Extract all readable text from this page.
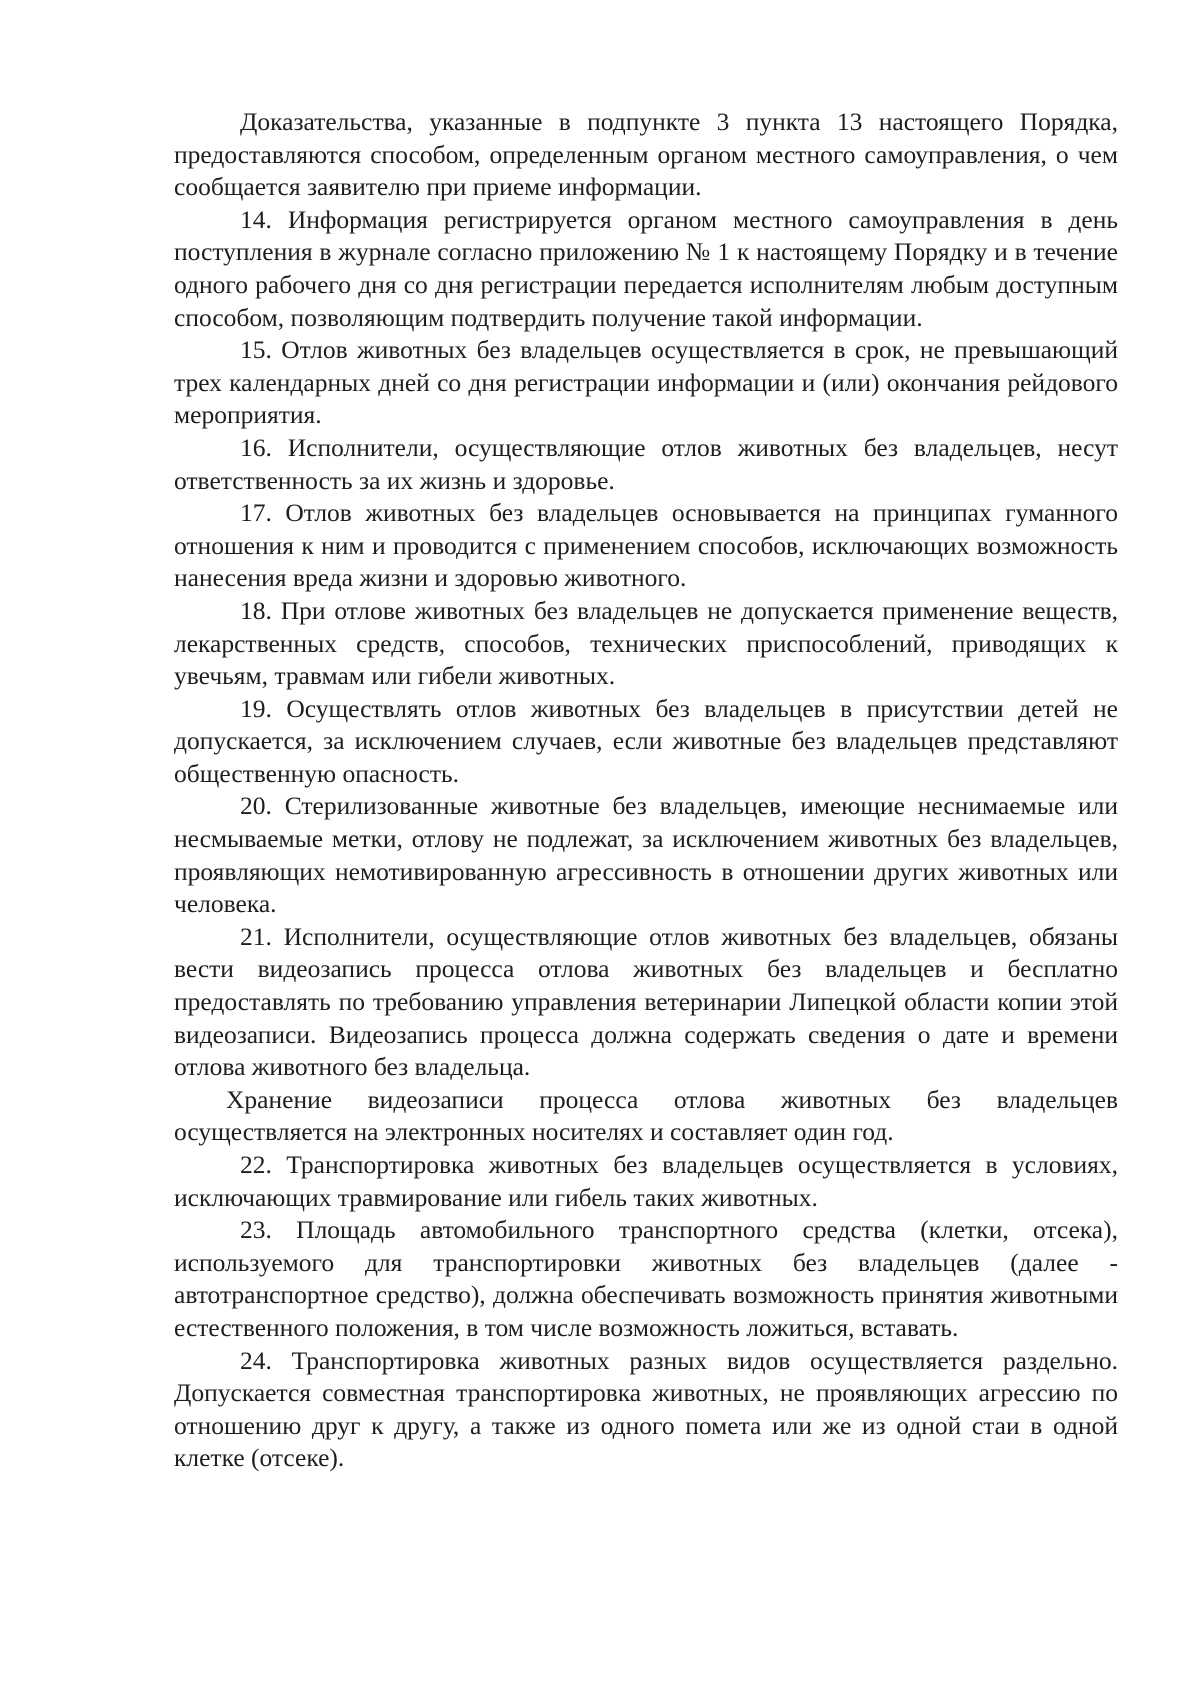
Доказательства, указанные в подпункте 3 пункта 13 настоящего Порядка, предоставляются способом, определенным органом местного самоуправления, о чем сообщается заявителю при приеме информации.

14. Информация регистрируется органом местного самоуправления в день поступления в журнале согласно приложению № 1 к настоящему Порядку и в течение одного рабочего дня со дня регистрации передается исполнителям любым доступным способом, позволяющим подтвердить получение такой информации.

15. Отлов животных без владельцев осуществляется в срок, не превышающий трех календарных дней со дня регистрации информации и (или) окончания рейдового мероприятия.

16. Исполнители, осуществляющие отлов животных без владельцев, несут ответственность за их жизнь и здоровье.

17. Отлов животных без владельцев основывается на принципах гуманного отношения к ним и проводится с применением способов, исключающих возможность нанесения вреда жизни и здоровью животного.

18. При отлове животных без владельцев не допускается применение веществ, лекарственных средств, способов, технических приспособлений, приводящих к увечьям, травмам или гибели животных.

19. Осуществлять отлов животных без владельцев в присутствии детей не допускается, за исключением случаев, если животные без владельцев представляют общественную опасность.

20. Стерилизованные животные без владельцев, имеющие неснимаемые или несмываемые метки, отлову не подлежат, за исключением животных без владельцев, проявляющих немотивированную агрессивность в отношении других животных или человека.

21. Исполнители, осуществляющие отлов животных без владельцев, обязаны вести видеозапись процесса отлова животных без владельцев и бесплатно предоставлять по требованию управления ветеринарии Липецкой области копии этой видеозаписи. Видеозапись процесса должна содержать сведения о дате и времени отлова животного без владельца.

Хранение видеозаписи процесса отлова животных без владельцев осуществляется на электронных носителях и составляет один год.

22. Транспортировка животных без владельцев осуществляется в условиях, исключающих травмирование или гибель таких животных.

23. Площадь автомобильного транспортного средства (клетки, отсека), используемого для транспортировки животных без владельцев (далее - автотранспортное средство), должна обеспечивать возможность принятия животными естественного положения, в том числе возможность ложиться, вставать.

24. Транспортировка животных разных видов осуществляется раздельно. Допускается совместная транспортировка животных, не проявляющих агрессию по отношению друг к другу, а также из одного помета или же из одной стаи в одной клетке (отсеке).
